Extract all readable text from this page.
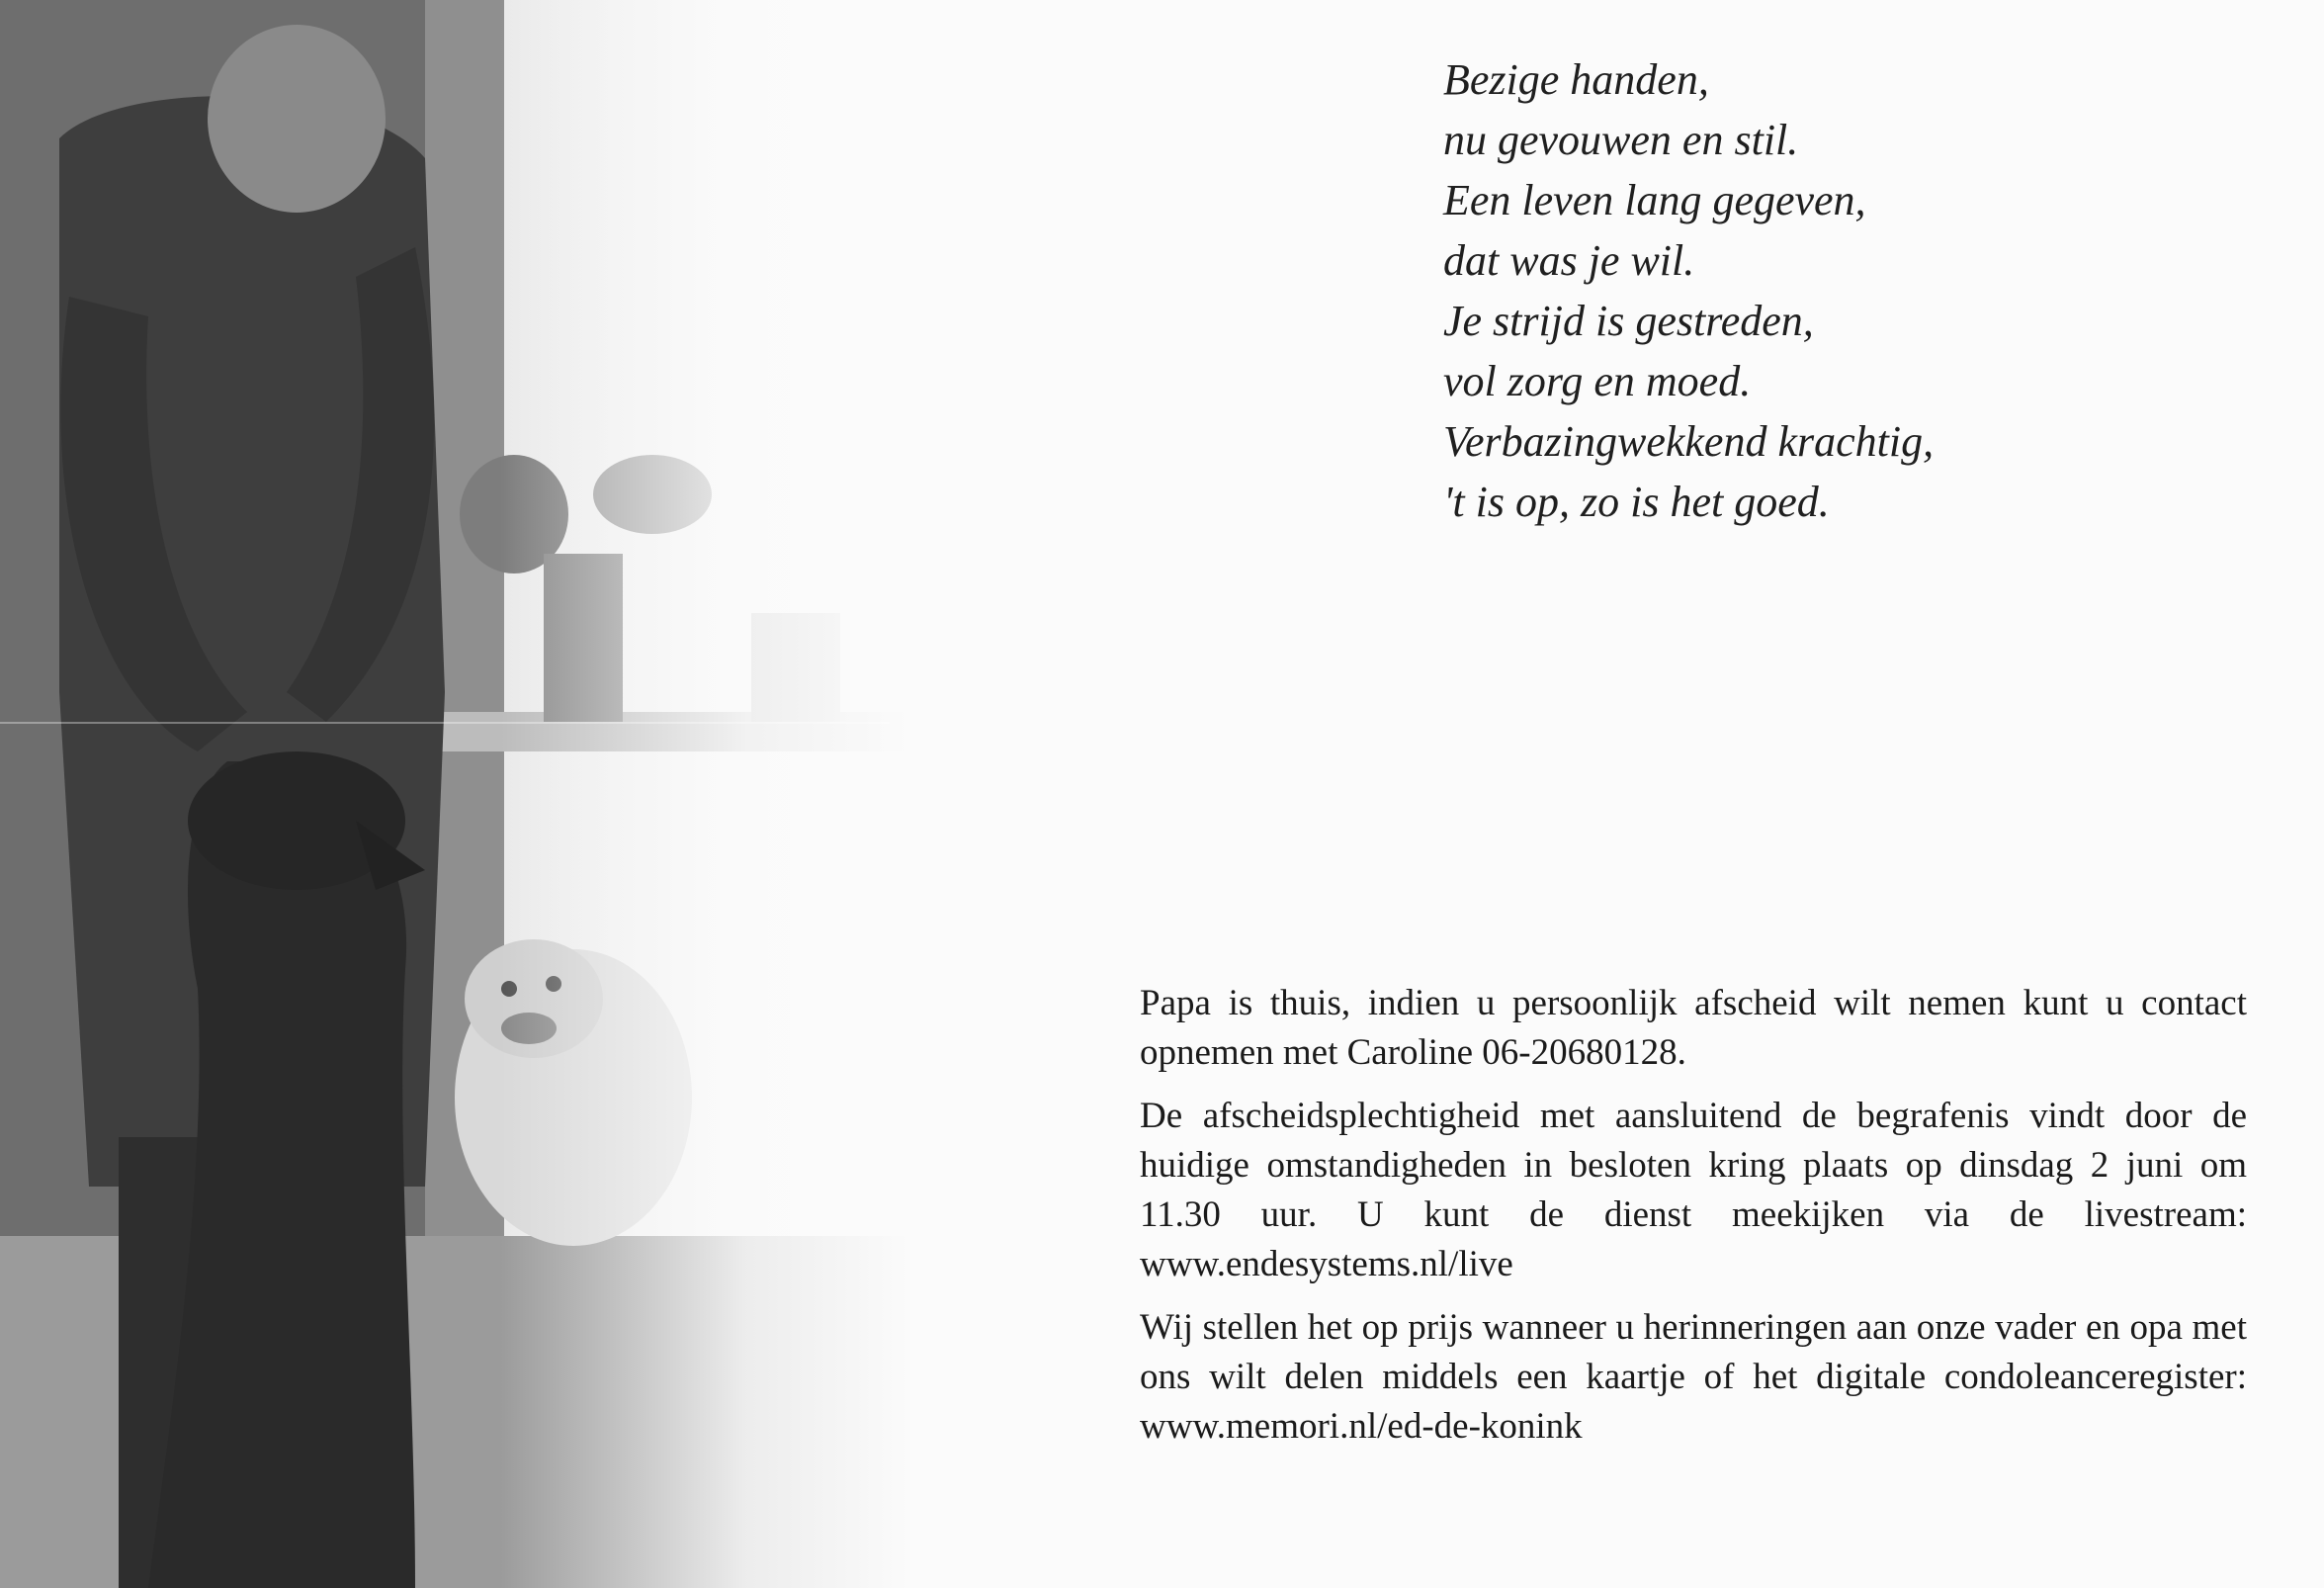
Bezige handen,
nu gevouwen en stil.
Een leven lang gegeven,
dat was je wil.
Je strijd is gestreden,
vol zorg en moed.
Verbazingwekkend krachtig,
't is op, zo is het goed.

Papa is thuis, indien u persoonlijk afscheid wilt nemen kunt u contact opnemen met Caroline 06-20680128.

De afscheidsplechtigheid met aansluitend de begrafenis vindt door de huidige omstandigheden in besloten kring plaats op dinsdag 2 juni om 11.30 uur. U kunt de dienst meekijken via de livestream: www.endesystems.nl/live

Wij stellen het op prijs wanneer u herinneringen aan onze vader en opa met ons wilt delen middels een kaartje of het digitale condoleanceregister: www.memori.nl/ed-de-konink
